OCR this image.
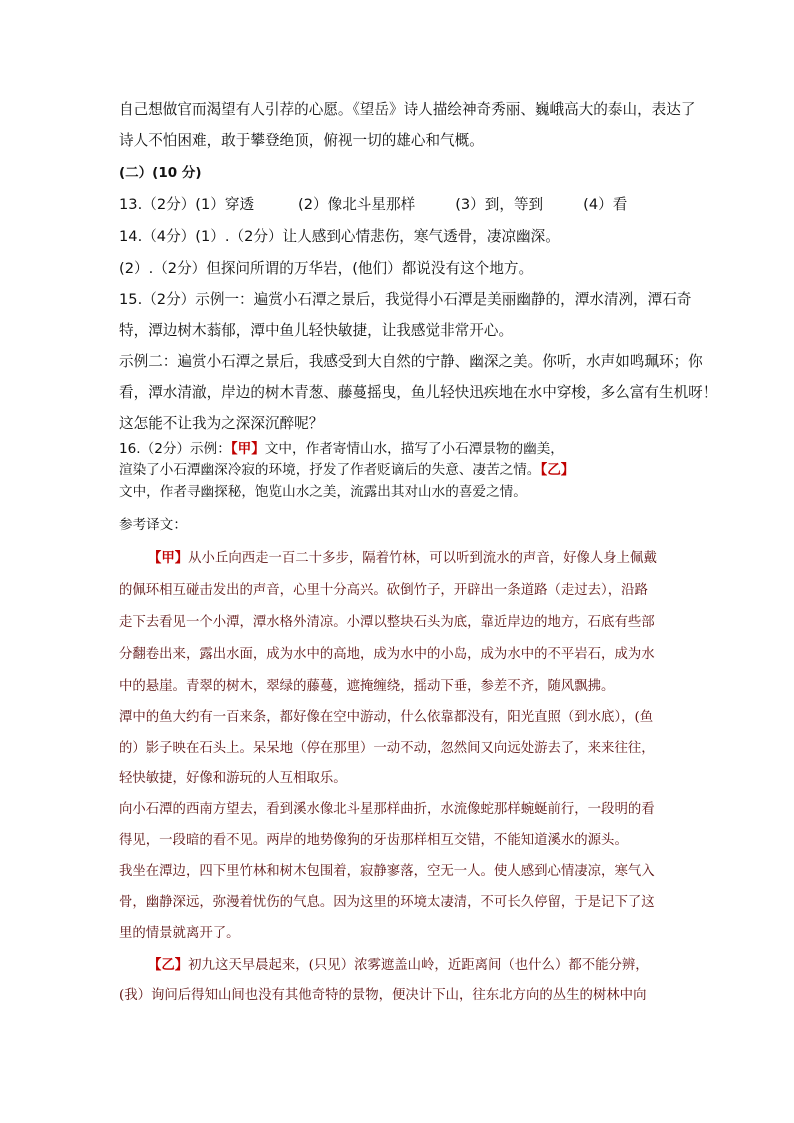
自己想做官而渴望有人引荐的心愿。《望岳》诗人描绘神奇秀丽、巍峨高大的泰山，表达了
诗人不怕困难，敢于攀登绝顶，俯视一切的雄心和气概。
(二）(10 分)
13.（2分）(1）穿透	(2）像北斗星那样	(3）到，等到	(4）看
14.（4分）(1）.（2分）让人感到心情悲伤，寒气透骨，凄凉幽深。
(2）.（2分）但探问所谓的万华岩，(他们）都说没有这个地方。
15.（2分）示例一：遍赏小石潭之景后，我觉得小石潭是美丽幽静的，潭水清冽，潭石奇
特，潭边树木蓊郁，潭中鱼儿轻快敏捷，让我感觉非常开心。
示例二：遍赏小石潭之景后，我感受到大自然的宁静、幽深之美。你听，水声如鸣珮环；你
看，潭水清澈，岸边的树木青葱、藤蔓摇曳，鱼儿轻快迅疾地在水中穿梭，多么富有生机呀！
这怎能不让我为之深深沉醉呢？
16.（2分）示例：【甲】文中，作者寄情山水，描写了小石潭景物的幽美，
渲染了小石潭幽深冷寂的环境，抒发了作者贬谪后的失意、凄苦之情。【乙】
文中，作者寻幽探秘，饱览山水之美，流露出其对山水的喜爱之情。
参考译文：
【甲】从小丘向西走一百二十多步，隔着竹林，可以听到流水的声音，好像人身上佩戴
的佩环相互碰击发出的声音，心里十分高兴。砍倒竹子，开辟出一条道路（走过去），沿路
走下去看见一个小潭，潭水格外清凉。小潭以整块石头为底，靠近岸边的地方，石底有些部
分翻卷出来，露出水面，成为水中的高地，成为水中的小岛，成为水中的不平岩石，成为水
中的悬崖。青翠的树木，翠绿的藤蔓，遮掩缠绕，摇动下垂，参差不齐，随风飘拂。
潭中的鱼大约有一百来条，都好像在空中游动，什么依靠都没有，阳光直照（到水底），(鱼
的）影子映在石头上。呆呆地（停在那里）一动不动，忽然间又向远处游去了，来来往往，
轻快敏捷，好像和游玩的人互相取乐。
向小石潭的西南方望去，看到溪水像北斗星那样曲折，水流像蛇那样蜿蜒前行，一段明的看
得见，一段暗的看不见。两岸的地势像狗的牙齿那样相互交错，不能知道溪水的源头。
我坐在潭边，四下里竹林和树木包围着，寂静寥落，空无一人。使人感到心情凄凉，寒气入
骨，幽静深远，弥漫着忧伤的气息。因为这里的环境太凄清，不可长久停留，于是记下了这
里的情景就离开了。
【乙】初九这天早晨起来，(只见）浓雾遮盖山岭，近距离间（也什么）都不能分辨，
(我）询问后得知山间也没有其他奇特的景物，便决计下山，往东北方向的丛生的树林中向
